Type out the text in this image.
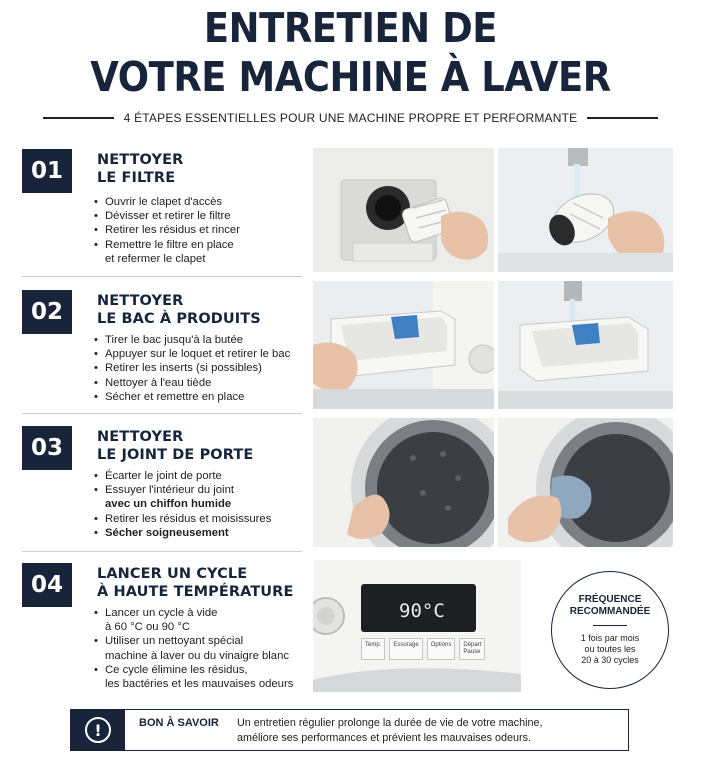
ENTRETIEN DE
VOTRE MACHINE À LAVER
4 ÉTAPES ESSENTIELLES POUR UNE MACHINE PROPRE ET PERFORMANTE
01	NETTOYER
LE FILTRE
• Ouvrir le clapet d'accès
• Dévisser et retirer le filtre
• Retirer les résidus et rincer
• Remettre le filtre en place
et refermer le clapet
02	NETTOYER
LE BAC À PRODUITS
• Tirer le bac jusqu'à la butée
• Appuyer sur le loquet et retirer le bac
• Retirer les inserts (si possibles)
• Nettoyer à l'eau tiède
• Sécher et remettre en place
03	NETTOYER
LE JOINT DE PORTE
• Écarter le joint de porte
• Essuyer l'intérieur du joint
avec un chiffon humide
• Retirer les résidus et moisissures
• Sécher soigneusement
04	LANCER UN CYCLE
À HAUTE TEMPÉRATURE
• Lancer un cycle à vide
à 60 °C ou 90 °C
• Utiliser un nettoyant spécial
machine à laver ou du vinaigre blanc
• Ce cycle élimine les résidus,
les bactéries et les mauvaises odeurs
90°C
Temp.	Essorage	Options	Départ Pause
FRÉQUENCE
RECOMMANDÉE
1 fois par mois
ou toutes les
20 à 30 cycles
!	BON À SAVOIR	Un entretien régulier prolonge la durée de vie de votre machine,
améliore ses performances et prévient les mauvaises odeurs.
